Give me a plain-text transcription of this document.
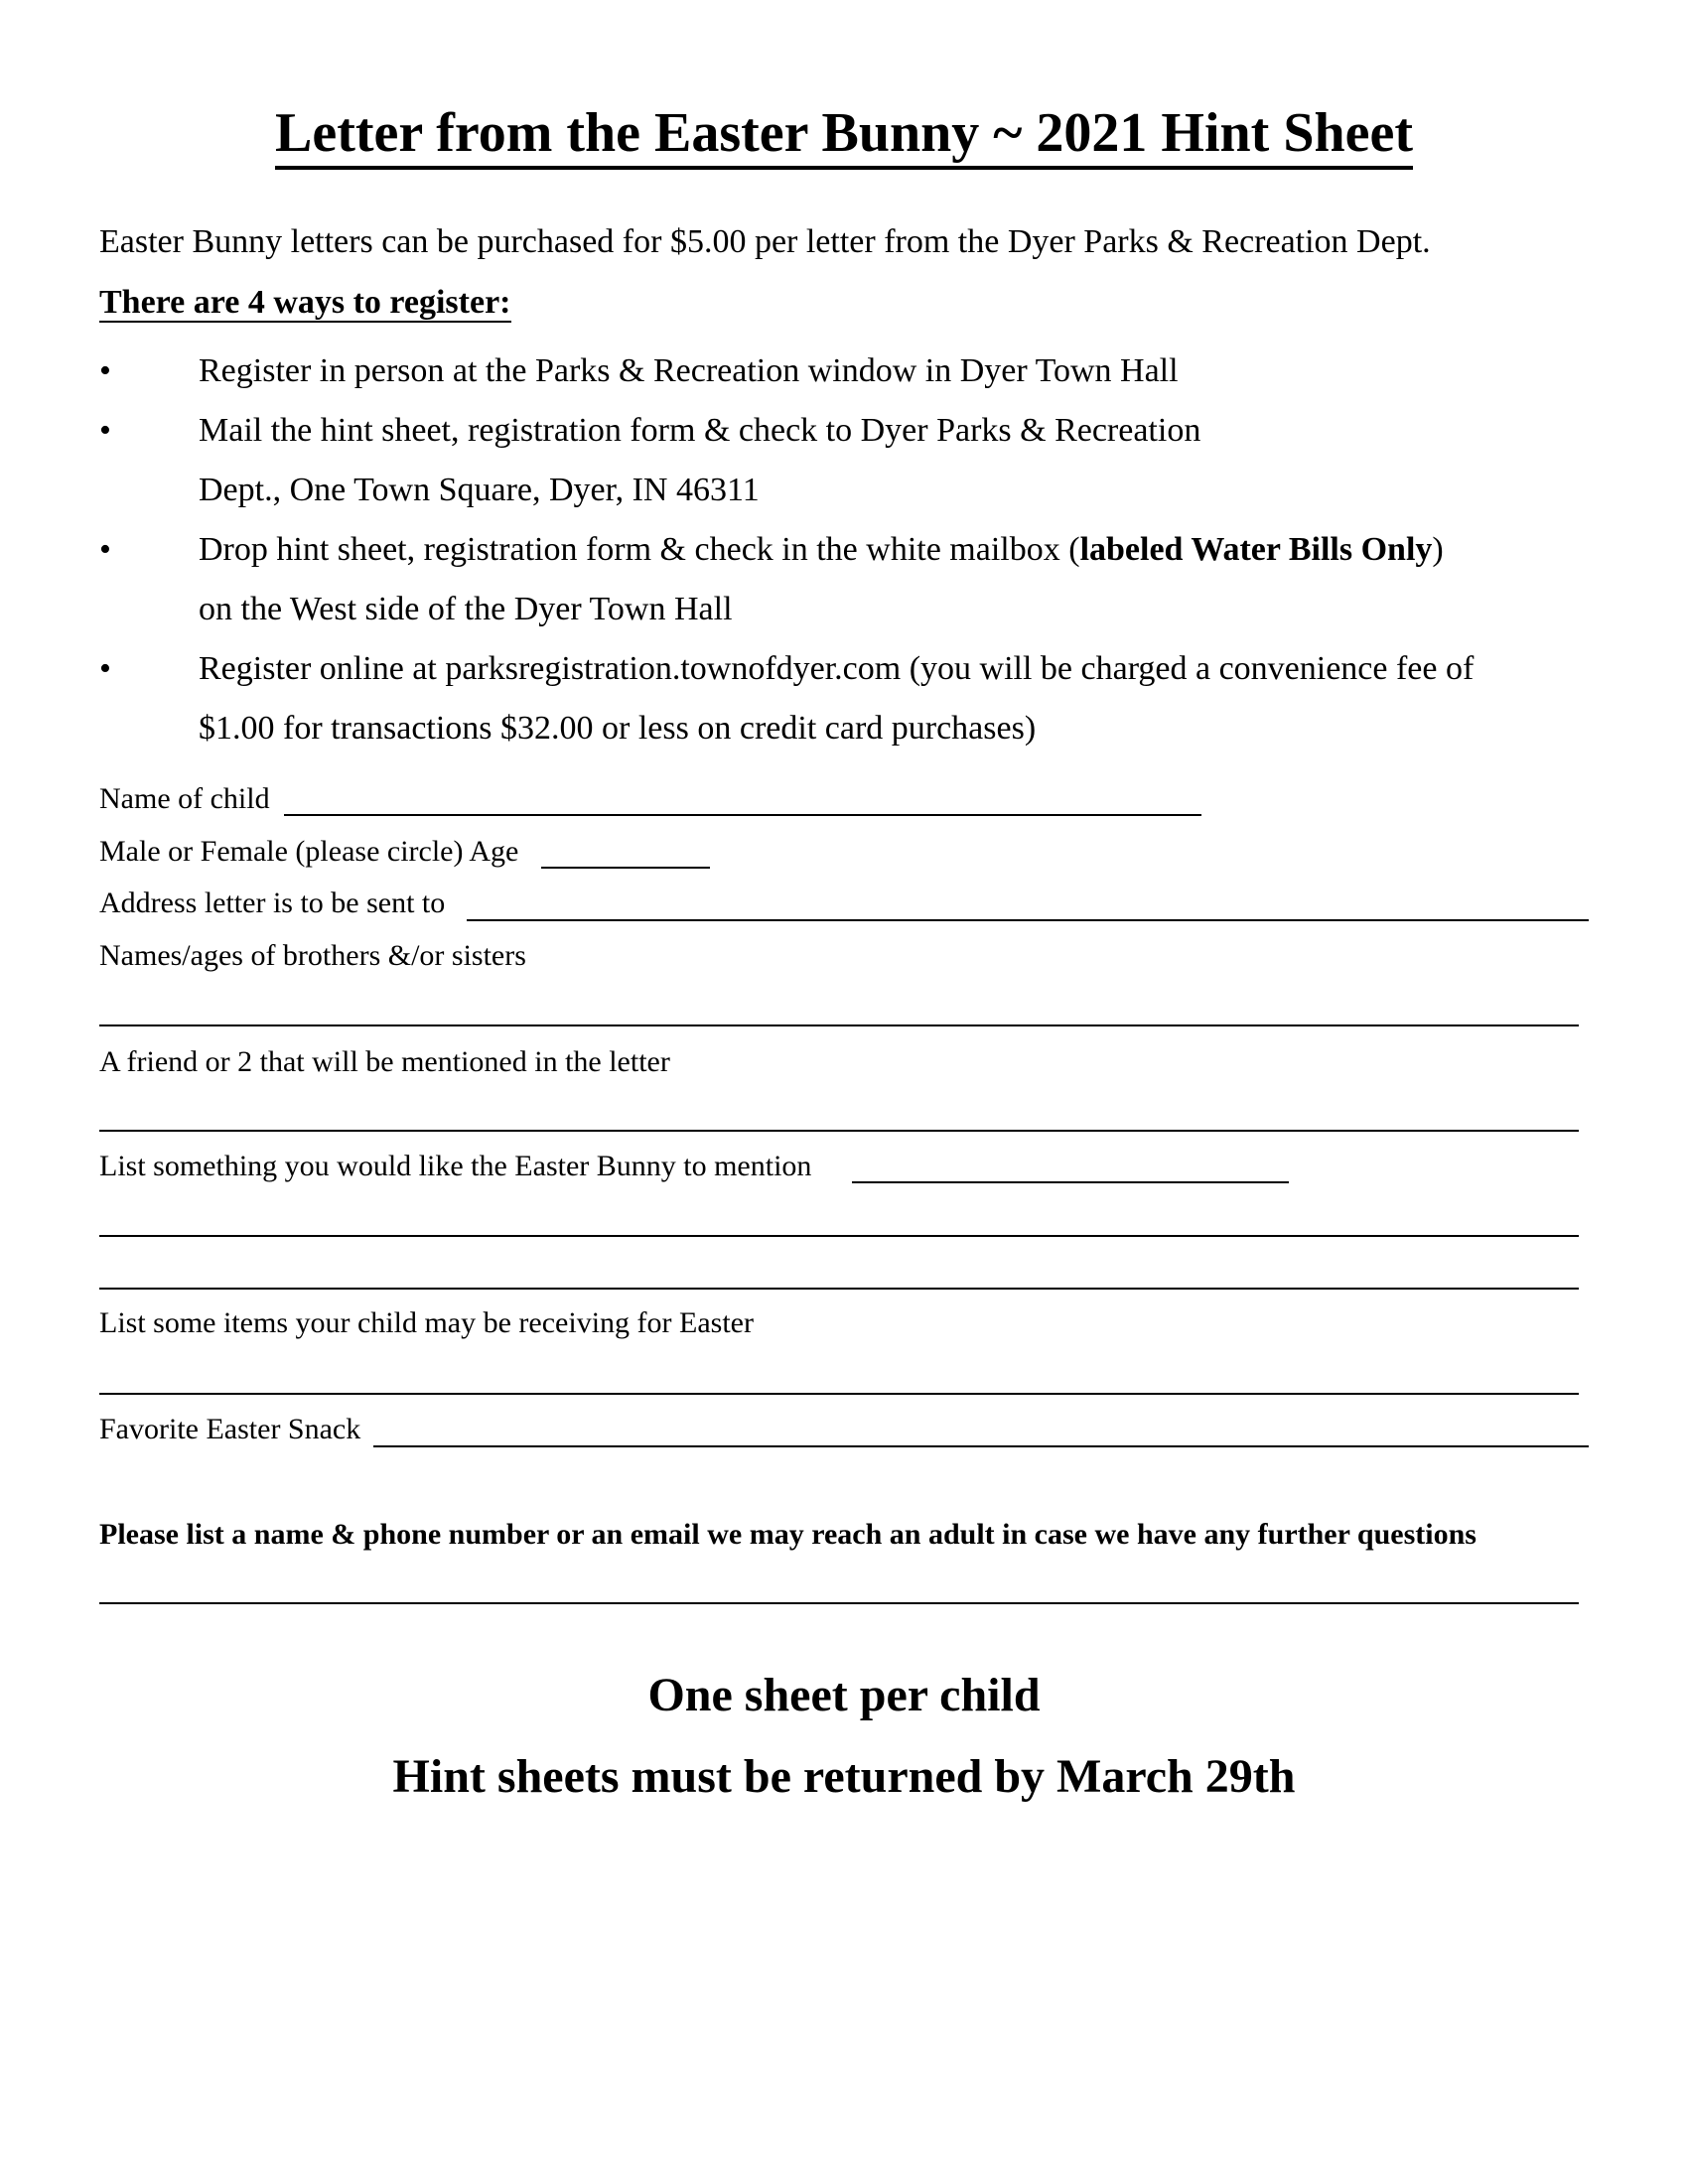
Letter from the Easter Bunny ~ 2021 Hint Sheet
Easter Bunny letters can be purchased for $5.00 per letter from the Dyer Parks & Recreation Dept.
There are 4 ways to register:
•	Register in person at the Parks & Recreation window in Dyer Town Hall
•	Mail the hint sheet, registration form & check to Dyer Parks & Recreation
Dept., One Town Square, Dyer, IN 46311
•	Drop hint sheet, registration form & check in the white mailbox (labeled Water Bills Only)
on the West side of the Dyer Town Hall
•	Register online at parksregistration.townofdyer.com (you will be charged a convenience fee of
$1.00 for transactions $32.00 or less on credit card purchases)
Name of child
Male or Female (please circle) Age
Address letter is to be sent to
Names/ages of brothers &/or sisters
A friend or 2 that will be mentioned in the letter
List something you would like the Easter Bunny to mention
List some items your child may be receiving for Easter
Favorite Easter Snack
Please list a name & phone number or an email we may reach an adult in case we have any further questions
One sheet per child
Hint sheets must be returned by March 29th
